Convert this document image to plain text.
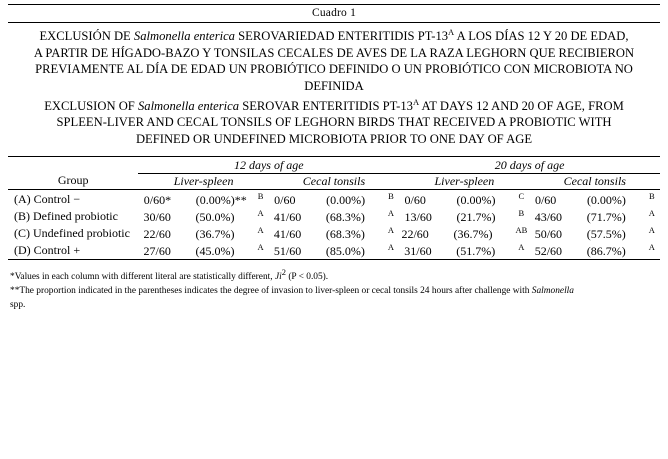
Cuadro 1
EXCLUSIÓN DE Salmonella enterica SEROVARIEDAD ENTERITIDIS $PT-13^A$ A LOS DÍAS 12 Y 20 DE EDAD,
A PARTIR DE HÍGADO-BAZO Y TONSILAS CECALES DE AVES DE LA RAZA LEGHORN QUE RECIBIERON
PREVIAMENTE AL DÍA DE EDAD UN PROBIÓTICO DEFINIDO O UN PROBIÓTICO CON MICROBIOTA NO
DEFINIDA
EXCLUSION OF Salmonella enterica SEROVAR ENTERITIDIS $PT-13^A$ AT DAYS 12 AND 20 OF AGE, FROM
SPLEEN-LIVER AND CECAL TONSILS OF LEGHORN BIRDS THAT RECEIVED A PROBIOTIC WITH
DEFINED OR UNDEFINED MICROBIOTA PRIOR TO ONE DAY OF AGE

	12 days of age		20 days of age	
Group	Liver-spleen	Cecal tonsils	Liver-spleen	Cecal tonsils

(A) Control −	0/60* (0.00%)** $^B$	0/60 (0.00%) $^B$	0/60 (0.00%) $^C$	0/60 (0.00%) $^B$
(B) Defined probiotic	30/60 (50.0%) $^A$	41/60 (68.3%) $^A$	13/60 (21.7%) $^B$	43/60 (71.7%) $^A$
(C) Undefined probiotic	22/60 (36.7%) $^A$	41/60 (68.3%) $^A$	22/60 (36.7%) $^{AB}$	50/60 (57.5%) $^A$
(D) Control +	27/60 (45.0%) $^A$	51/60 (85.0%) $^A$	31/60 (51.7%) $^A$	52/60 (86.7%) $^A$

*Values in each column with different literal are statistically different, Ji2 (P < 0.05).

**The proportion indicated in the parentheses indicates the degree of invasion to liver-spleen or cecal tonsils 24 hours after challenge with Salmonella

spp.
